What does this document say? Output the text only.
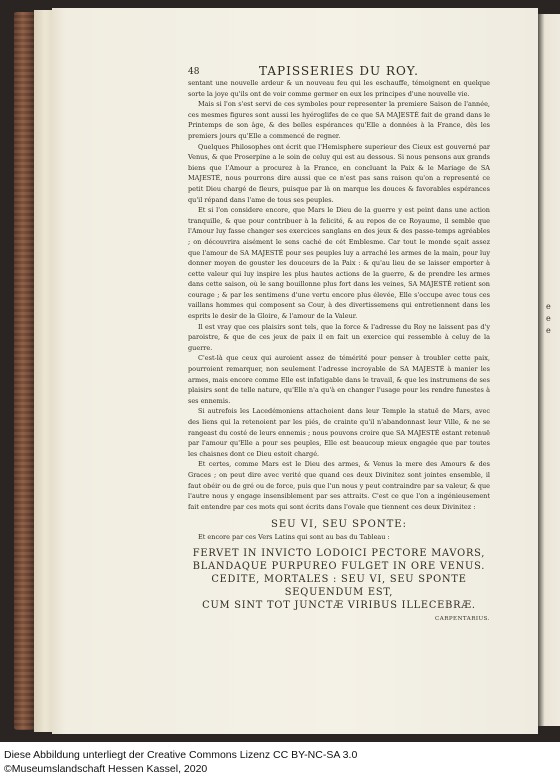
e
e
e
48	TAPISSERIES DU ROY.

sentant une nouvelle ardeur & un nouveau feu qui les eschauffe, témoignent en quelque sorte la joye qu'ils ont de voir comme germer en eux les principes d'une nouvelle vie.

Mais si l'on s'est servi de ces symboles pour representer la premiere Saison de l'année, ces mesmes figures sont aussi les hyéroglifes de ce que SA MAJESTÉ fait de grand dans le Printemps de son âge, & des belles espérances qu'Elle a données à la France, dès les premiers jours qu'Elle a commencé de regner.

Quelques Philosophes ont écrit que l'Hemisphere superieur des Cieux est gouverné par Venus, & que Proserpine a le soin de celuy qui est au dessous. Si nous pensons aux grands biens que l'Amour a procurez à la France, en concluant la Paix & le Mariage de SA MAJESTÉ, nous pourrons dire aussi que ce n'est pas sans raison qu'on a representé ce petit Dieu chargé de fleurs, puisque par là on marque les douces & favorables espérances qu'il répand dans l'ame de tous ses peuples.

Et si l'on considere encore, que Mars le Dieu de la guerre y est peint dans une action tranquille, & que pour contribuer à la felicité, & au repos de ce Royaume, il semble que l'Amour luy fasse changer ses exercices sanglans en des jeux & des passe-temps agréables ; on découvrira aisément le sens caché de cét Emblesme. Car tout le monde sçait assez que l'amour de SA MAJESTÉ pour ses peuples luy a arraché les armes de la main, pour luy donner moyen de gouster les douceurs de la Paix : & qu'au lieu de se laisser emporter à cette valeur qui luy inspire les plus hautes actions de la guerre, & de prendre les armes dans cette saison, où le sang bouillonne plus fort dans les veines, SA MAJESTÉ retient son courage ; & par les sentimens d'une vertu encore plus élevée, Elle s'occupe avec tous ces vaillans hommes qui composent sa Cour, à des divertissemens qui entretiennent dans les esprits le desir de la Gloire, & l'amour de la Valeur.

Il est vray que ces plaisirs sont tels, que la force & l'adresse du Roy ne laissent pas d'y paroistre, & que de ces jeux de paix il en fait un exercice qui ressemble à celuy de la guerre.

C'est-là que ceux qui auroient assez de témérité pour penser à troubler cette paix, pourroient remarquer, non seulement l'adresse incroyable de SA MAJESTÉ à manier les armes, mais encore comme Elle est infatigable dans le travail, & que les instrumens de ses plaisirs sont de telle nature, qu'Elle n'a qu'à en changer l'usage pour les rendre funestes à ses ennemis.

Si autrefois les Lacedémoniens attachoient dans leur Temple la statuë de Mars, avec des liens qui la retenoient par les piés, de crainte qu'il n'abandonnast leur Ville, & ne se rangeast du costé de leurs ennemis ; nous pouvons croire que SA MAJESTÉ estant retenuë par l'amour qu'Elle a pour ses peuples, Elle est beaucoup mieux engagée que par toutes les chaisnes dont ce Dieu estoit chargé.

Et certes, comme Mars est le Dieu des armes, & Venus la mere des Amours & des Graces ; on peut dire avec verité que quand ces deux Divinitez sont jointes ensemble, il faut obéir ou de gré ou de force, puis que l'un nous y peut contraindre par sa valeur, & que l'autre nous y engage insensiblement par ses attraits. C'est ce que l'on a ingénieusement fait entendre par ces mots qui sont écrits dans l'ovale que tiennent ces deux Divinitez :

SEU VI, SEU SPONTE:

Et encore par ces Vers Latins qui sont au bas du Tableau :

FERVET IN INVICTO LODOICI PECTORE MAVORS,
BLANDAQUE PURPUREO FULGET IN ORE VENUS.
CEDITE, MORTALES : SEU VI, SEU SPONTE SEQUENDUM EST,
CUM SINT TOT JUNCTÆ VIRIBUS ILLECEBRÆ.
CARPENTARIUS.
Diese Abbildung unterliegt der Creative Commons Lizenz CC BY-NC-SA 3.0
©Museumslandschaft Hessen Kassel, 2020
